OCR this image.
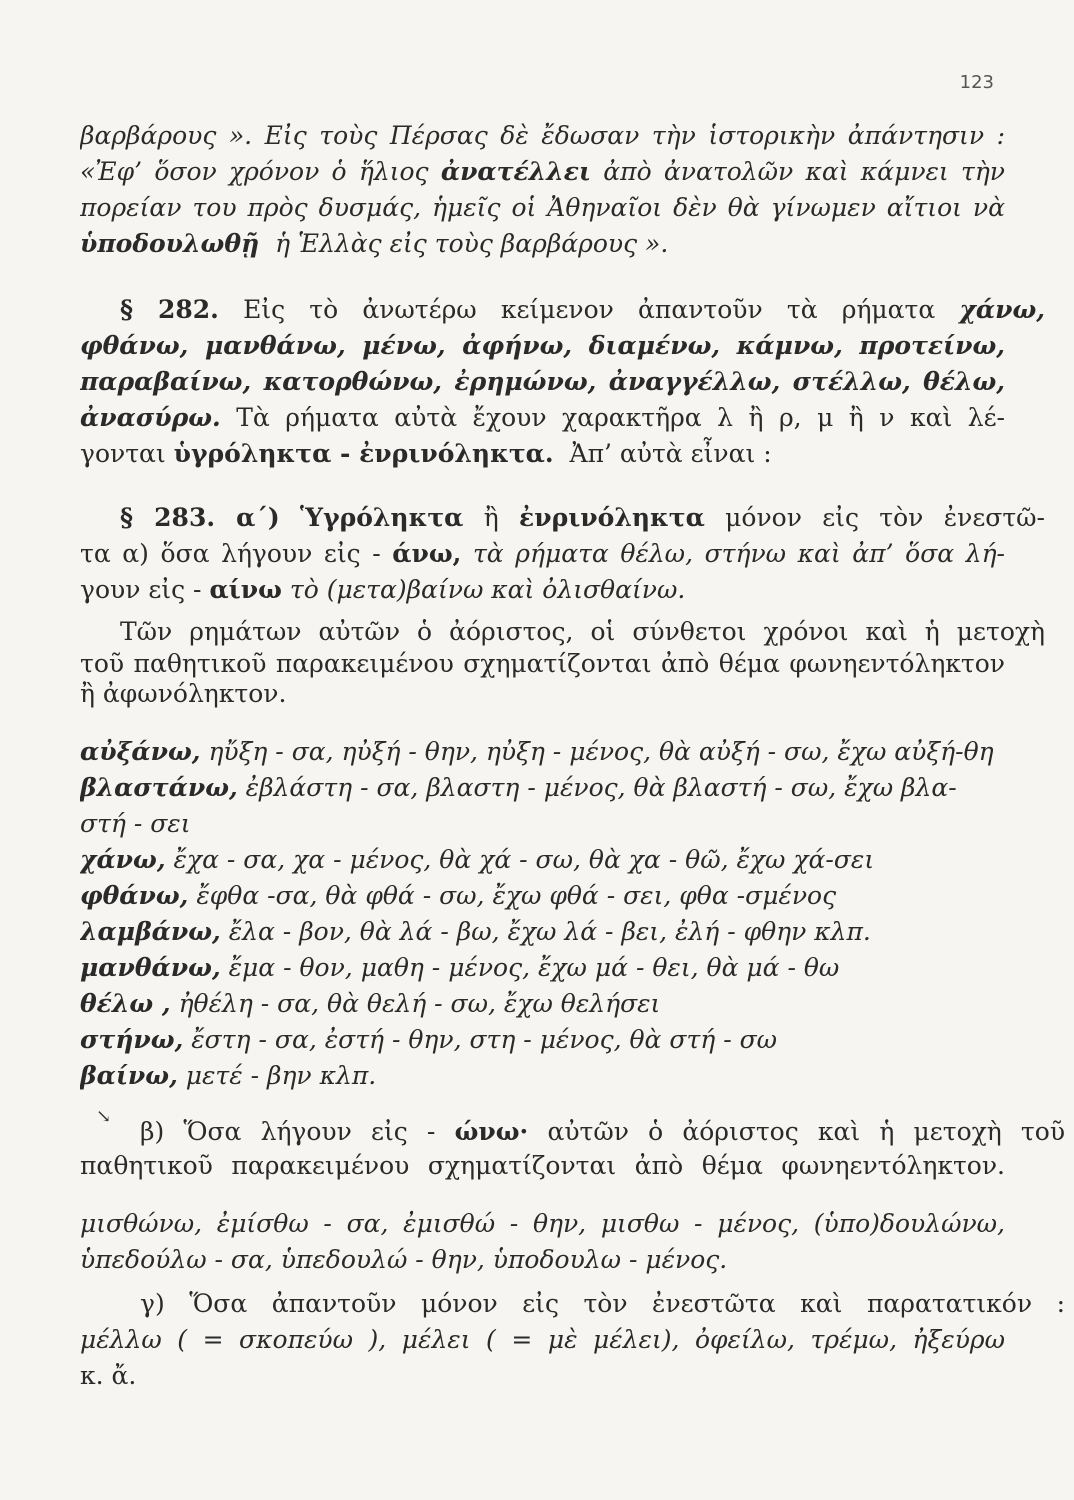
123
βαρβάρους ». Εἰς τοὺς Πέρσας δὲ ἔδωσαν τὴν ἱστορικὴν ἀπάντησιν :
«Ἐφ’ ὅσον χρόνον ὁ ἥλιος ἀνατέλλει ἀπὸ ἀνατολῶν καὶ κάμνει τὴν
πορείαν του πρὸς δυσμάς, ἡμεῖς οἱ Ἀθηναῖοι δὲν θὰ γίνωμεν αἴτιοι νὰ
ὑποδουλωθῇ ἡ Ἑλλὰς εἰς τοὺς βαρβάρους ».
§ 282. Εἰς τὸ ἀνωτέρω κείμενον ἀπαντοῦν τὰ ρήματα χάνω,
φθάνω, μανθάνω, μένω, ἀφήνω, διαμένω, κάμνω, προτείνω,
παραβαίνω, κατορθώνω, ἐρημώνω, ἀναγγέλλω, στέλλω, θέλω,
ἀνασύρω. Τὰ ρήματα αὐτὰ ἔχουν χαρακτῆρα λ ἢ ρ, μ ἢ ν καὶ λέ-
γονται ὑγρόληκτα - ἐνρινόληκτα. Ἀπ’ αὐτὰ εἶναι :
§ 283. α΄) Ὑγρόληκτα ἢ ἐνρινόληκτα μόνον εἰς τὸν ἐνεστῶ-
τα α) ὅσα λήγουν εἰς - άνω, τὰ ρήματα θέλω, στήνω καὶ ἀπ’ ὅσα λή-
γουν εἰς - αίνω τὸ (μετα)βαίνω καὶ ὀλισθαίνω.
Τῶν ρημάτων αὐτῶν ὁ ἀόριστος, οἱ σύνθετοι χρόνοι καὶ ἡ μετοχὴ
τοῦ παθητικοῦ παρακειμένου σχηματίζονται ἀπὸ θέμα φωνηεντόληκτον
ἢ ἀφωνόληκτον.
αὐξάνω, ηὔξη - σα, ηὐξή - θην, ηὐξη - μένος, θὰ αὐξή - σω, ἔχω αὐξή-θη
βλαστάνω, ἐβλάστη - σα, βλαστη - μένος, θὰ βλαστή - σω, ἔχω βλα-
στή - σει
χάνω, ἔχα - σα, χα - μένος, θὰ χά - σω, θὰ χα - θῶ, ἔχω χά-σει
φθάνω, ἔφθα -σα, θὰ φθά - σω, ἔχω φθά - σει, φθα -σμένος
λαμβάνω, ἔλα - βον, θὰ λά - βω, ἔχω λά - βει, ἐλή - φθην κλπ.
μανθάνω, ἔμα - θον, μαθη - μένος, ἔχω μά - θει, θὰ μά - θω
θέλω , ἠθέλη - σα, θὰ θελή - σω, ἔχω θελήσει
στήνω, ἔστη - σα, ἐστή - θην, στη - μένος, θὰ στή - σω
βαίνω, μετέ - βην κλπ.
↘
β) Ὅσα λήγουν εἰς - ώνω· αὐτῶν ὁ ἀόριστος καὶ ἡ μετοχὴ τοῦ
παθητικοῦ παρακειμένου σχηματίζονται ἀπὸ θέμα φωνηεντόληκτον.
μισθώνω, ἐμίσθω - σα, ἐμισθώ - θην, μισθω - μένος, (ὑπο)δουλώνω,
ὑπεδούλω - σα, ὑπεδουλώ - θην, ὑποδουλω - μένος.
γ) Ὅσα ἀπαντοῦν μόνον εἰς τὸν ἐνεστῶτα καὶ παρατατικόν :
μέλλω ( = σκοπεύω ), μέλει ( = μὲ μέλει), ὀφείλω, τρέμω, ἠξεύρω
κ. ἄ.
